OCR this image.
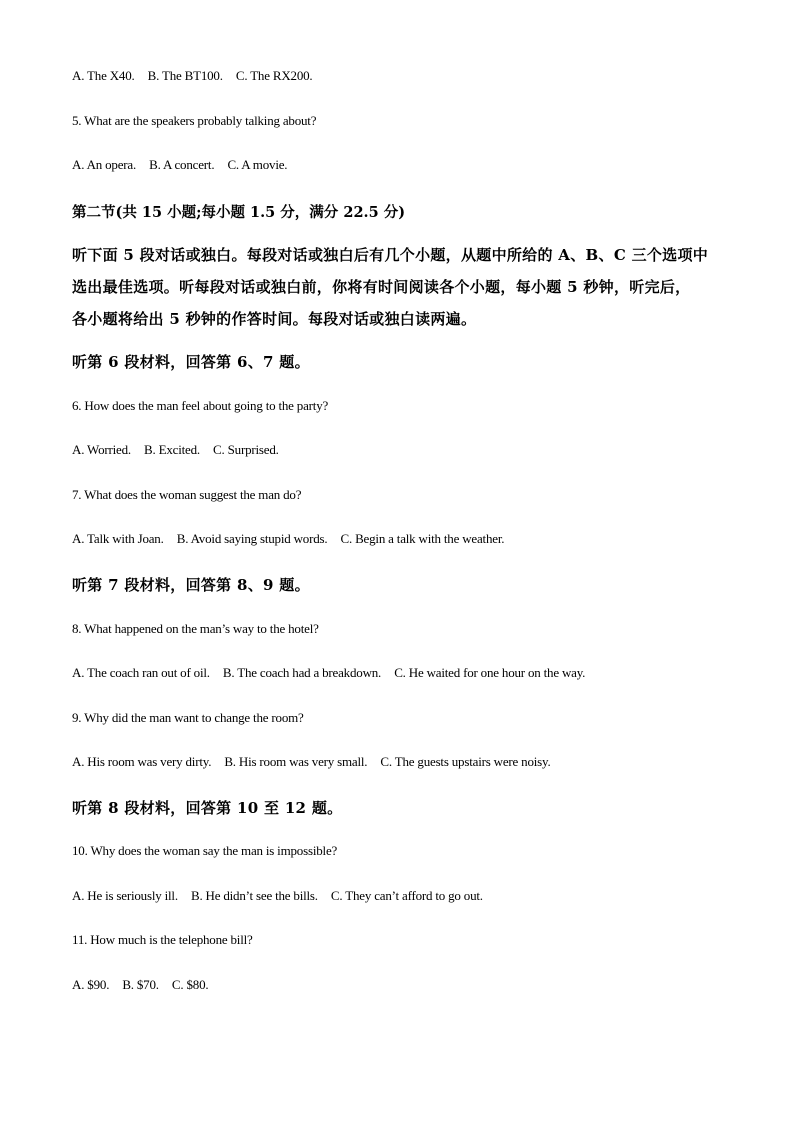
A. The X40. B. The BT100. C. The RX200.
5. What are the speakers probably talking about?
A. An opera. B. A concert. C. A movie.
第二节(共 15 小题;每小题 1.5 分，满分 22.5 分)
听下面 5 段对话或独白。每段对话或独白后有几个小题，从题中所给的 A、B、C 三个选项中
选出最佳选项。听每段对话或独白前，你将有时间阅读各个小题，每小题 5 秒钟，听完后，
各小题将给出 5 秒钟的作答时间。每段对话或独白读两遍。
听第 6 段材料，回答第 6、7 题。
6. How does the man feel about going to the party?
A. Worried. B. Excited. C. Surprised.
7. What does the woman suggest the man do?
A. Talk with Joan. B. Avoid saying stupid words. C. Begin a talk with the weather.
听第 7 段材料，回答第 8、9 题。
8. What happened on the man’s way to the hotel?
A. The coach ran out of oil. B. The coach had a breakdown. C. He waited for one hour on the way.
9. Why did the man want to change the room?
A. His room was very dirty. B. His room was very small. C. The guests upstairs were noisy.
听第 8 段材料，回答第 10 至 12 题。
10. Why does the woman say the man is impossible?
A. He is seriously ill. B. He didn’t see the bills. C. They can’t afford to go out.
11. How much is the telephone bill?
A. $90. B. $70. C. $80.
